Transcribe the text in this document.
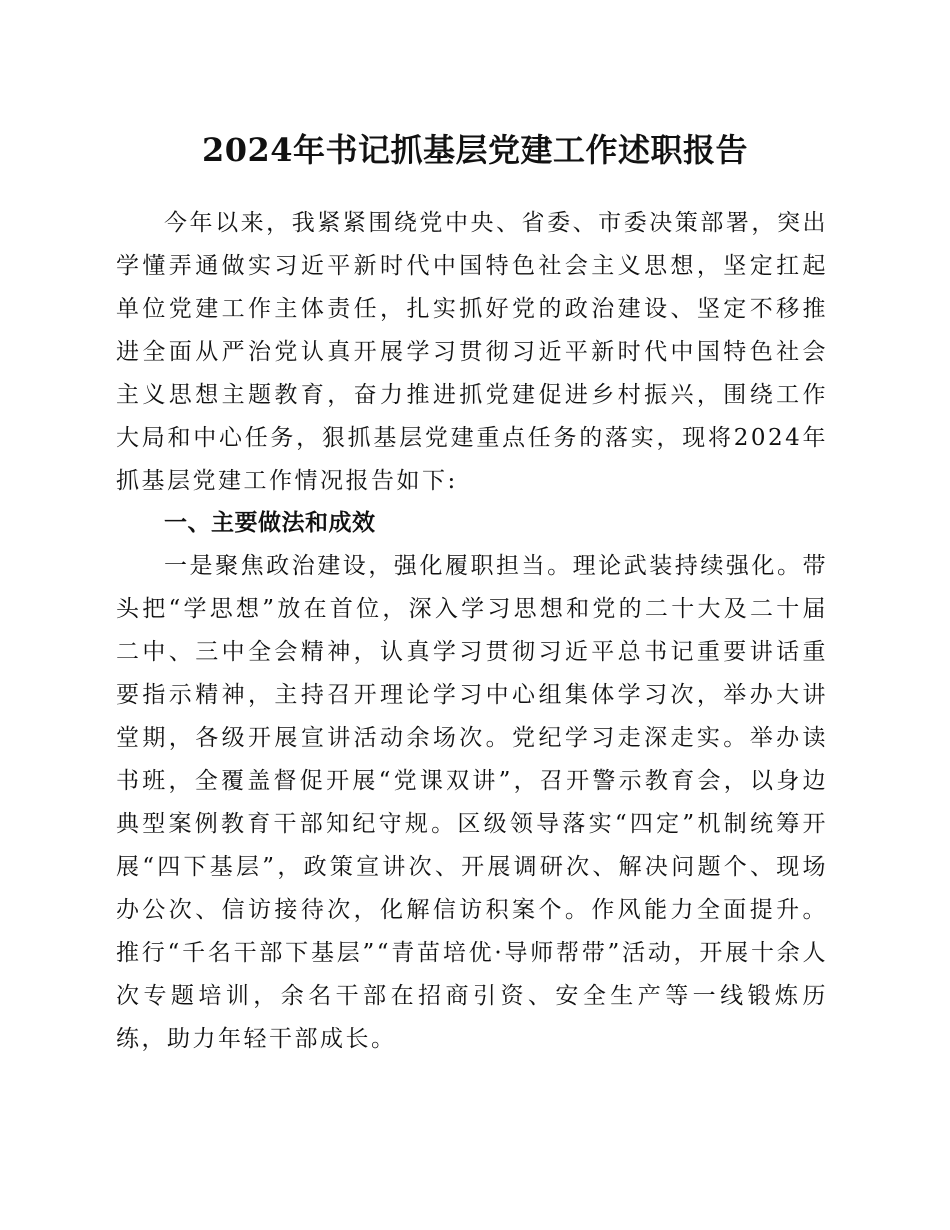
2024年书记抓基层党建工作述职报告

今年以来，我紧紧围绕党中央、省委、市委决策部署，突出学懂弄通做实习近平新时代中国特色社会主义思想，坚定扛起单位党建工作主体责任，扎实抓好党的政治建设、坚定不移推进全面从严治党认真开展学习贯彻习近平新时代中国特色社会主义思想主题教育，奋力推进抓党建促进乡村振兴，围绕工作大局和中心任务，狠抓基层党建重点任务的落实，现将2024年抓基层党建工作情况报告如下:

一、主要做法和成效

一是聚焦政治建设，强化履职担当。理论武装持续强化。带头把“学思想”放在首位，深入学习思想和党的二十大及二十届二中、三中全会精神，认真学习贯彻习近平总书记重要讲话重要指示精神，主持召开理论学习中心组集体学习次，举办大讲堂期，各级开展宣讲活动余场次。党纪学习走深走实。举办读书班，全覆盖督促开展“党课双讲”，召开警示教育会，以身边典型案例教育干部知纪守规。区级领导落实“四定”机制统筹开展“四下基层”，政策宣讲次、开展调研次、解决问题个、现场办公次、信访接待次，化解信访积案个。作风能力全面提升。推行“千名干部下基层”“青苗培优·导师帮带”活动，开展十余人次专题培训，余名干部在招商引资、安全生产等一线锻炼历练，助力年轻干部成长。
